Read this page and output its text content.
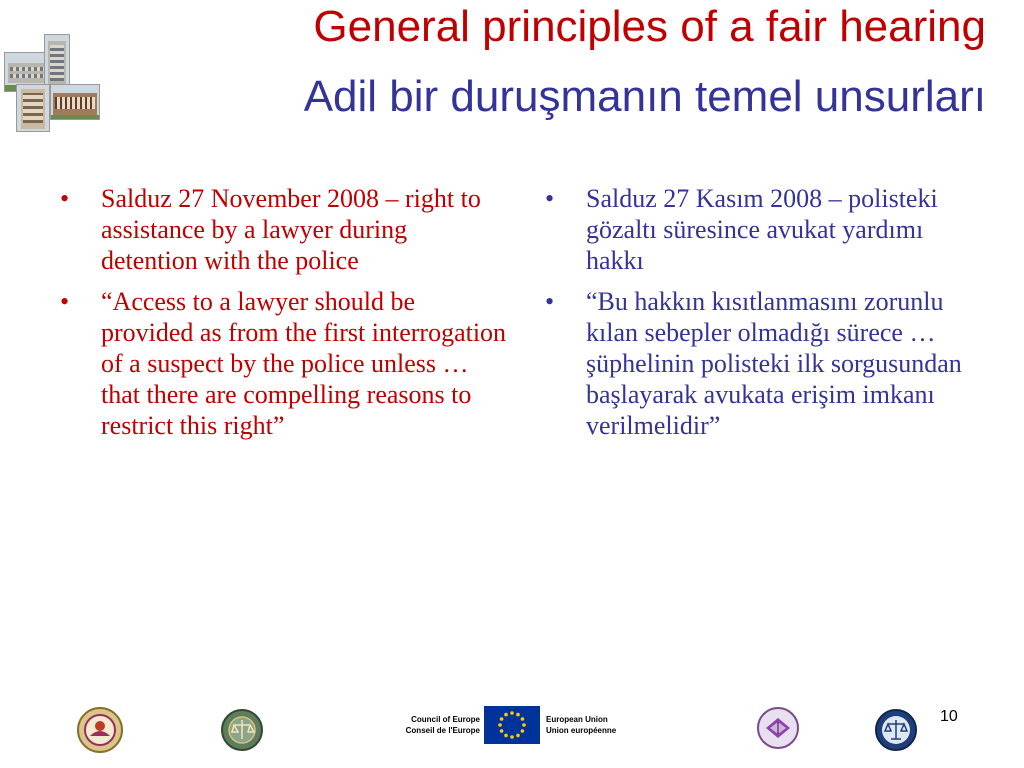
General principles of a fair hearing
Adil bir duruşmanın temel unsurları
• Salduz 27 November 2008 – right to assistance by a lawyer during detention with the police
• “Access to a lawyer should be provided as from the first interrogation of a suspect by the police unless … that there are compelling reasons to restrict this right”
• Salduz 27 Kasım 2008 – polisteki gözaltı süresince avukat yardımı hakkı
• “Bu hakkın kısıtlanmasını zorunlu kılan sebepler olmadığı sürece … şüphelinin polisteki ilk sorgusundan başlayarak avukata erişim imkanı verilmelidir”
Council of Europe
Conseil de l'Europe
European Union
Union européenne
10
